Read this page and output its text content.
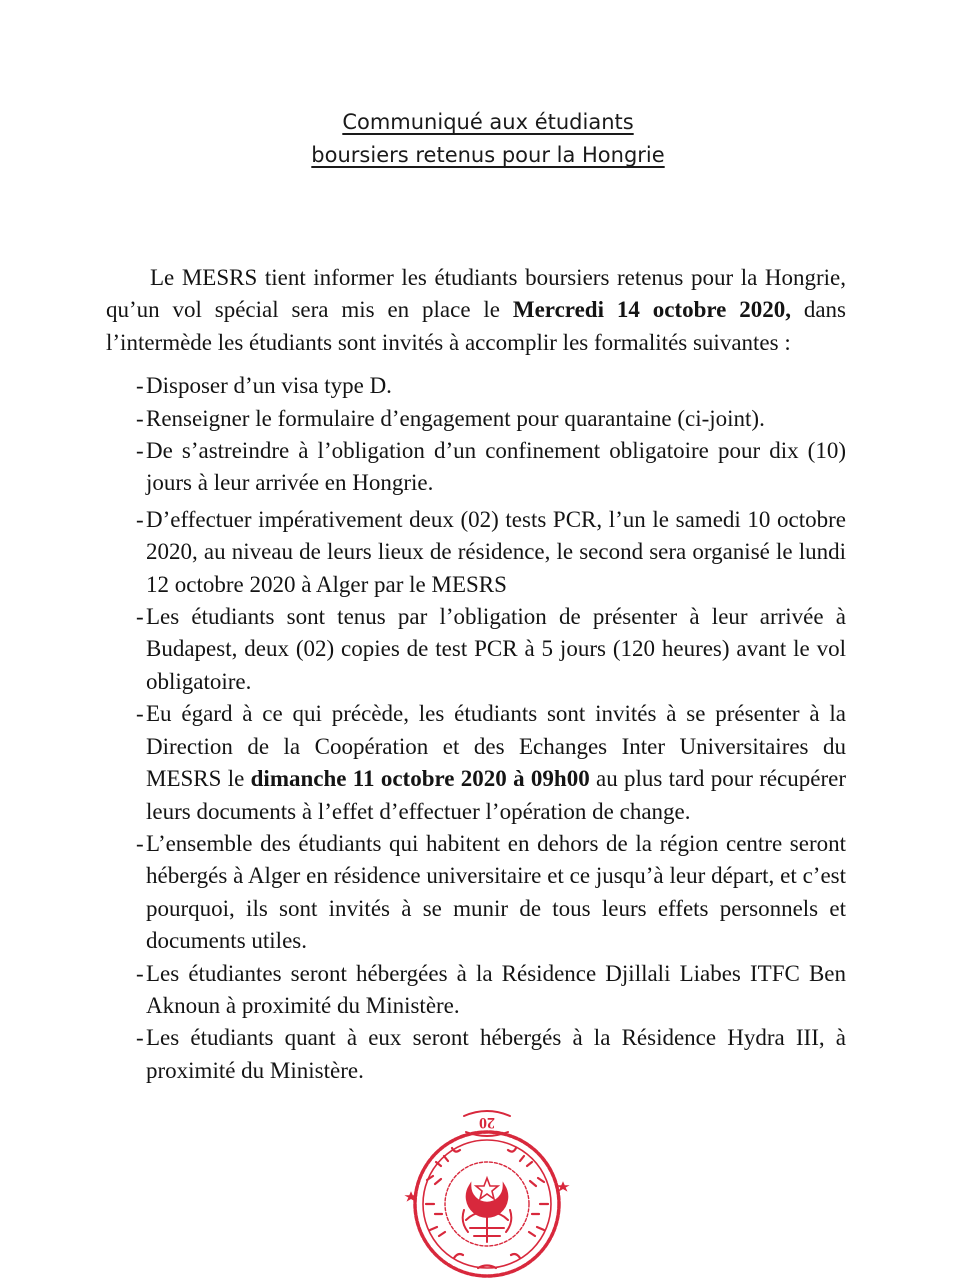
Communiqué aux étudiants
boursiers retenus pour la Hongrie

Le MESRS tient informer les étudiants boursiers retenus pour la Hongrie, qu’un vol spécial sera mis en place le Mercredi 14 octobre 2020, dans l’intermède les étudiants sont invités à accomplir les formalités suivantes :

- Disposer d’un visa type D.
- Renseigner le formulaire d’engagement pour quarantaine (ci-joint).
- De s’astreindre à l’obligation d’un confinement obligatoire pour dix (10) jours à leur arrivée en Hongrie.
- D’effectuer impérativement deux (02) tests PCR, l’un le samedi 10 octobre 2020, au niveau de leurs lieux de résidence, le second sera organisé le lundi 12 octobre 2020 à Alger par le MESRS
- Les étudiants sont tenus par l’obligation de présenter à leur arrivée à Budapest, deux (02) copies de test PCR à 5 jours (120 heures) avant le vol obligatoire.
- Eu égard à ce qui précède, les étudiants sont invités à se présenter à la Direction de la Coopération et des Echanges Inter Universitaires du MESRS le dimanche 11 octobre 2020 à 09h00 au plus tard pour récupérer leurs documents à l’effet d’effectuer l’opération de change.
- L’ensemble des étudiants qui habitent en dehors de la région centre seront hébergés à Alger en résidence universitaire et ce jusqu’à leur départ, et c’est pourquoi, ils sont invités à se munir de tous leurs effets personnels et documents utiles.
- Les étudiantes seront hébergées à la Résidence Djillali Liabes ITFC Ben Aknoun à proximité du Ministère.
- Les étudiants quant à eux seront hébergés à la Résidence Hydra III, à proximité du Ministère.
20
